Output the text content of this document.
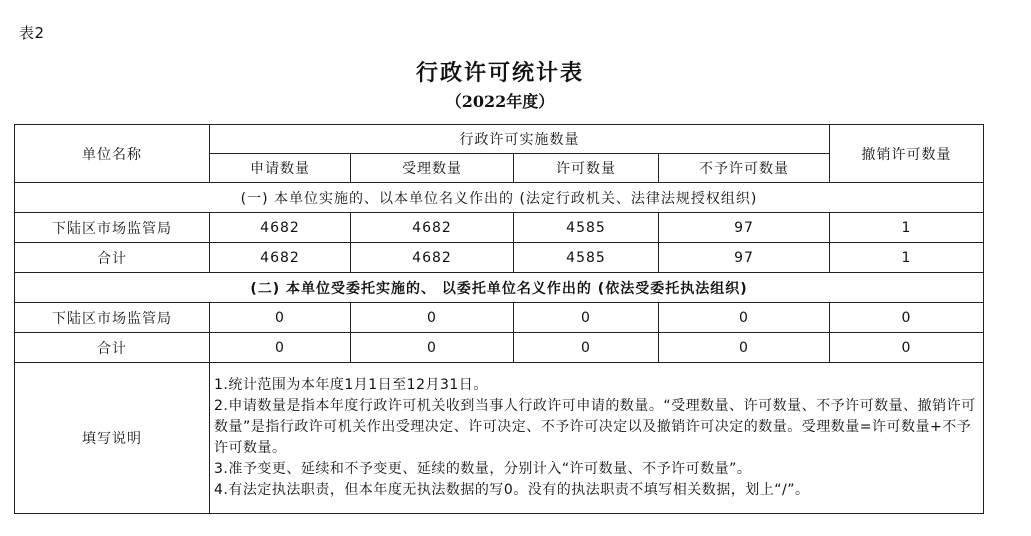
表2
行政许可统计表
（2022年度）
单位名称	行政许可实施数量				撤销许可数量
	申请数量	受理数量	许可数量	不予许可数量	
(一) 本单位实施的、以本单位名义作出的 (法定行政机关、法律法规授权组织)					
下陆区市场监管局	4682	4682	4585	97	1
合计	4682	4682	4585	97	1
(二) 本单位受委托实施的、 以委托单位名义作出的 (依法受委托执法组织)					
下陆区市场监管局	0	0	0	0	0
合计	0	0	0	0	0
填写说明	1.统计范围为本年度1月1日至12月31日。
2.申请数量是指本年度行政许可机关收到当事人行政许可申请的数量。“受理数量、许可数量、不予许可数量、撤销许可数量”是指行政许可机关作出受理决定、许可决定、不予许可决定以及撤销许可决定的数量。受理数量=许可数量+不予许可数量。
3.准予变更、延续和不予变更、延续的数量，分别计入“许可数量、不予许可数量”。
4.有法定执法职责，但本年度无执法数据的写0。没有的执法职责不填写相关数据，划上“/”。				
